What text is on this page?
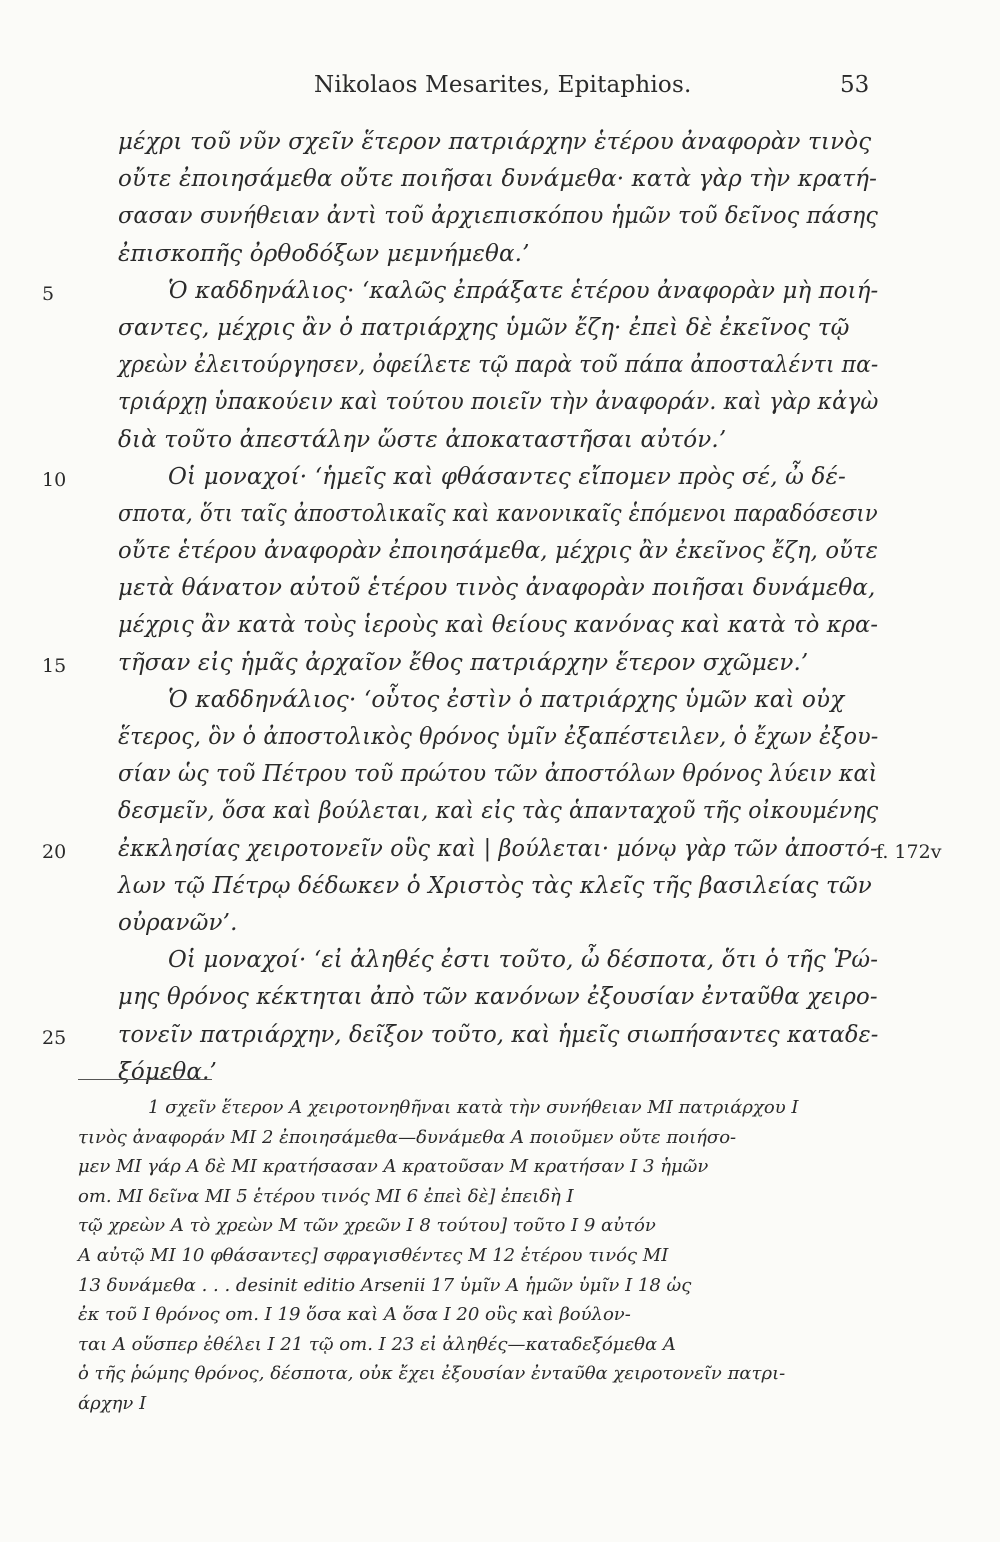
Nikolaos Mesarites, Epitaphios.	53
μέχρι τοῦ νῦν σχεῖν ἕτερον πατριάρχην ἑτέρου ἀναφορὰν τινὸς
οὔτε ἐποιησάμεθα οὔτε ποιῆσαι δυνάμεθα· κατὰ γὰρ τὴν κρατή-
σασαν συνήθειαν ἀντὶ τοῦ ἀρχιεπισκόπου ἡμῶν τοῦ δεῖνος πάσης
ἐπισκοπῆς ὀρθοδόξων μεμνήμεθα.’
5	Ὁ καδδηνάλιος· ‘καλῶς ἐπράξατε ἑτέρου ἀναφορὰν μὴ ποιή-
σαντες, μέχρις ἂν ὁ πατριάρχης ὑμῶν ἔζη· ἐπεὶ δὲ ἐκεῖνος τῷ
χρεὼν ἐλειτούργησεν, ὀφείλετε τῷ παρὰ τοῦ πάπα ἀποσταλέντι πα-
τριάρχῃ ὑπακούειν καὶ τούτου ποιεῖν τὴν ἀναφοράν. καὶ γὰρ κἀγὼ
διὰ τοῦτο ἀπεστάλην ὥστε ἀποκαταστῆσαι αὐτόν.’
10	Οἱ μοναχοί· ‘ἡμεῖς καὶ φθάσαντες εἴπομεν πρὸς σέ, ὦ δέ-
σποτα, ὅτι ταῖς ἀποστολικαῖς καὶ κανονικαῖς ἑπόμενοι παραδόσεσιν
οὔτε ἑτέρου ἀναφορὰν ἐποιησάμεθα, μέχρις ἂν ἐκεῖνος ἔζη, οὔτε
μετὰ θάνατον αὐτοῦ ἑτέρου τινὸς ἀναφορὰν ποιῆσαι δυνάμεθα,
μέχρις ἂν κατὰ τοὺς ἱεροὺς καὶ θείους κανόνας καὶ κατὰ τὸ κρα-
15 τῆσαν εἰς ἡμᾶς ἀρχαῖον ἔθος πατριάρχην ἕτερον σχῶμεν.’
Ὁ καδδηνάλιος· ‘οὗτος ἐστὶν ὁ πατριάρχης ὑμῶν καὶ οὐχ
ἕτερος, ὃν ὁ ἀποστολικὸς θρόνος ὑμῖν ἐξαπέστειλεν, ὁ ἔχων ἐξου-
σίαν ὡς τοῦ Πέτρου τοῦ πρώτου τῶν ἀποστόλων θρόνος λύειν καὶ
δεσμεῖν, ὅσα καὶ βούλεται, καὶ εἰς τὰς ἁπανταχοῦ τῆς οἰκουμένης
20 ἐκκλησίας χειροτονεῖν οὓς καὶ | βούλεται· μόνῳ γὰρ τῶν ἀποστό-
f. 172v
λων τῷ Πέτρῳ δέδωκεν ὁ Χριστὸς τὰς κλεῖς τῆς βασιλείας τῶν
οὐρανῶν’.
Οἱ μοναχοί· ‘εἰ ἀληθές ἐστι τοῦτο, ὦ δέσποτα, ὅτι ὁ τῆς Ῥώ-
μης θρόνος κέκτηται ἀπὸ τῶν κανόνων ἐξουσίαν ἐνταῦθα χειρο-
25 τονεῖν πατριάρχην, δεῖξον τοῦτο, καὶ ἡμεῖς σιωπήσαντες καταδε-
ξόμεθα.’
1 σχεῖν ἕτερον A χειροτονηθῆναι κατὰ τὴν συνήθειαν MI πατριάρχου I
τινὸς ἀναφοράν MI 2 ἐποιησάμεθα—δυνάμεθα A ποιοῦμεν οὔτε ποιήσο-
μεν MI γάρ A δὲ MI κρατήσασαν A κρατοῦσαν M κρατήσαν I 3 ἡμῶν
om. MI δεῖνα MI 5 ἑτέρου τινός MI 6 ἐπεὶ δὲ] ἐπειδὴ I
τῷ χρεὼν A τὸ χρεὼν M τῶν χρεῶν I 8 τούτου] τοῦτο I 9 αὐτόν
A αὐτῷ MI 10 φθάσαντες] σφραγισθέντες M 12 ἑτέρου τινός MI
13 δυνάμεθα . . . desinit editio Arsenii 17 ὑμῖν A ἡμῶν ὑμῖν I 18 ὡς
ἐκ τοῦ I θρόνος om. I 19 ὅσα καὶ A ὅσα I 20 οὓς καὶ βούλον-
ται A οὕσπερ ἐθέλει I 21 τῷ om. I 23 εἰ ἀληθές—καταδεξόμεθα A
ὁ τῆς ῥώμης θρόνος, δέσποτα, οὐκ ἔχει ἐξουσίαν ἐνταῦθα χειροτονεῖν πατρι-
άρχην I
